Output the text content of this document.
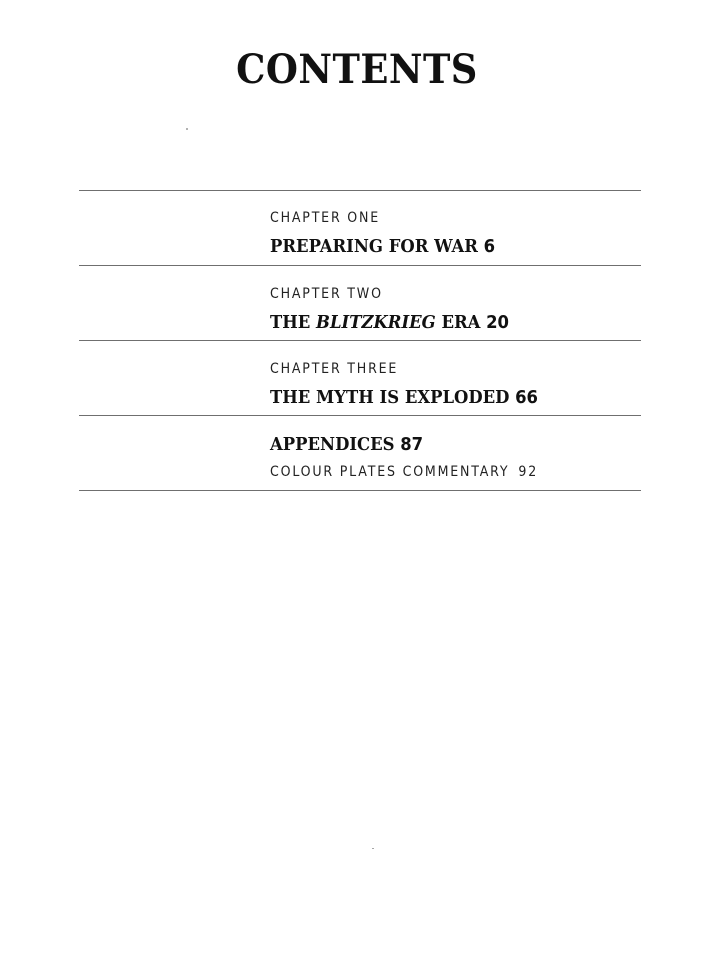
CONTENTS
CHAPTER ONE
PREPARING FOR WAR 6
CHAPTER TWO
THE BLITZKRIEG ERA 20
CHAPTER THREE
THE MYTH IS EXPLODED 66
APPENDICES 87
COLOUR PLATES COMMENTARY 92
